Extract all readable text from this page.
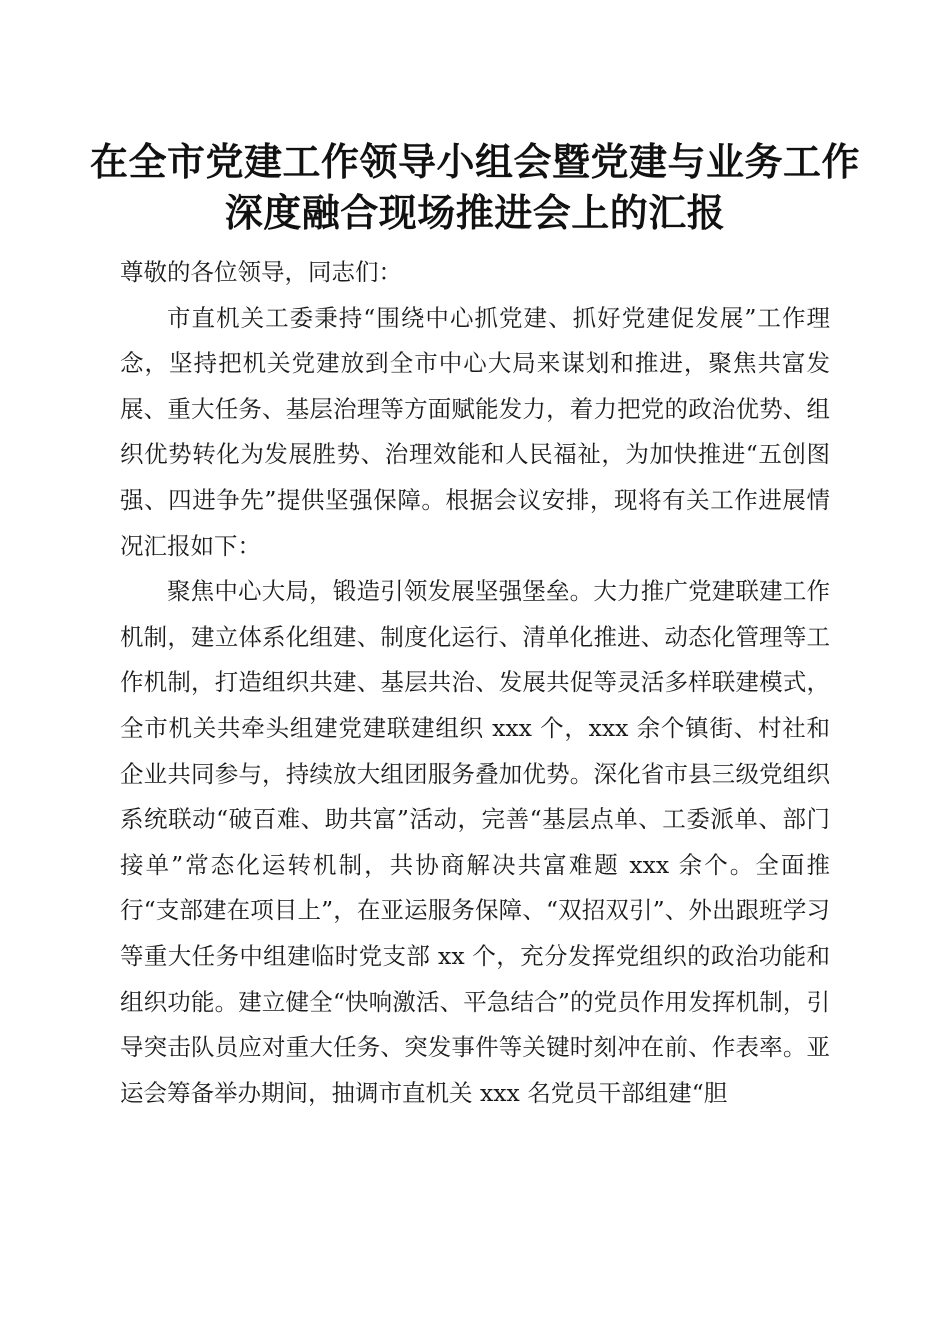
在全市党建工作领导小组会暨党建与业务工作
深度融合现场推进会上的汇报

尊敬的各位领导，同志们：

市直机关工委秉持“围绕中心抓党建、抓好党建促发展”工作理念，坚持把机关党建放到全市中心大局来谋划和推进，聚焦共富发展、重大任务、基层治理等方面赋能发力，着力把党的政治优势、组织优势转化为发展胜势、治理效能和人民福祉，为加快推进“五创图强、四进争先”提供坚强保障。根据会议安排，现将有关工作进展情况汇报如下：

聚焦中心大局，锻造引领发展坚强堡垒。大力推广党建联建工作机制，建立体系化组建、制度化运行、清单化推进、动态化管理等工作机制，打造组织共建、基层共治、发展共促等灵活多样联建模式，全市机关共牵头组建党建联建组织 xxx 个，xxx 余个镇街、村社和企业共同参与，持续放大组团服务叠加优势。深化省市县三级党组织系统联动“破百难、助共富”活动，完善“基层点单、工委派单、部门接单”常态化运转机制，共协商解决共富难题 xxx 余个。全面推行“支部建在项目上”，在亚运服务保障、“双招双引”、外出跟班学习等重大任务中组建临时党支部 xx 个，充分发挥党组织的政治功能和组织功能。建立健全“快响激活、平急结合”的党员作用发挥机制，引导突击队员应对重大任务、突发事件等关键时刻冲在前、作表率。亚运会筹备举办期间，抽调市直机关 xxx 名党员干部组建“胆
